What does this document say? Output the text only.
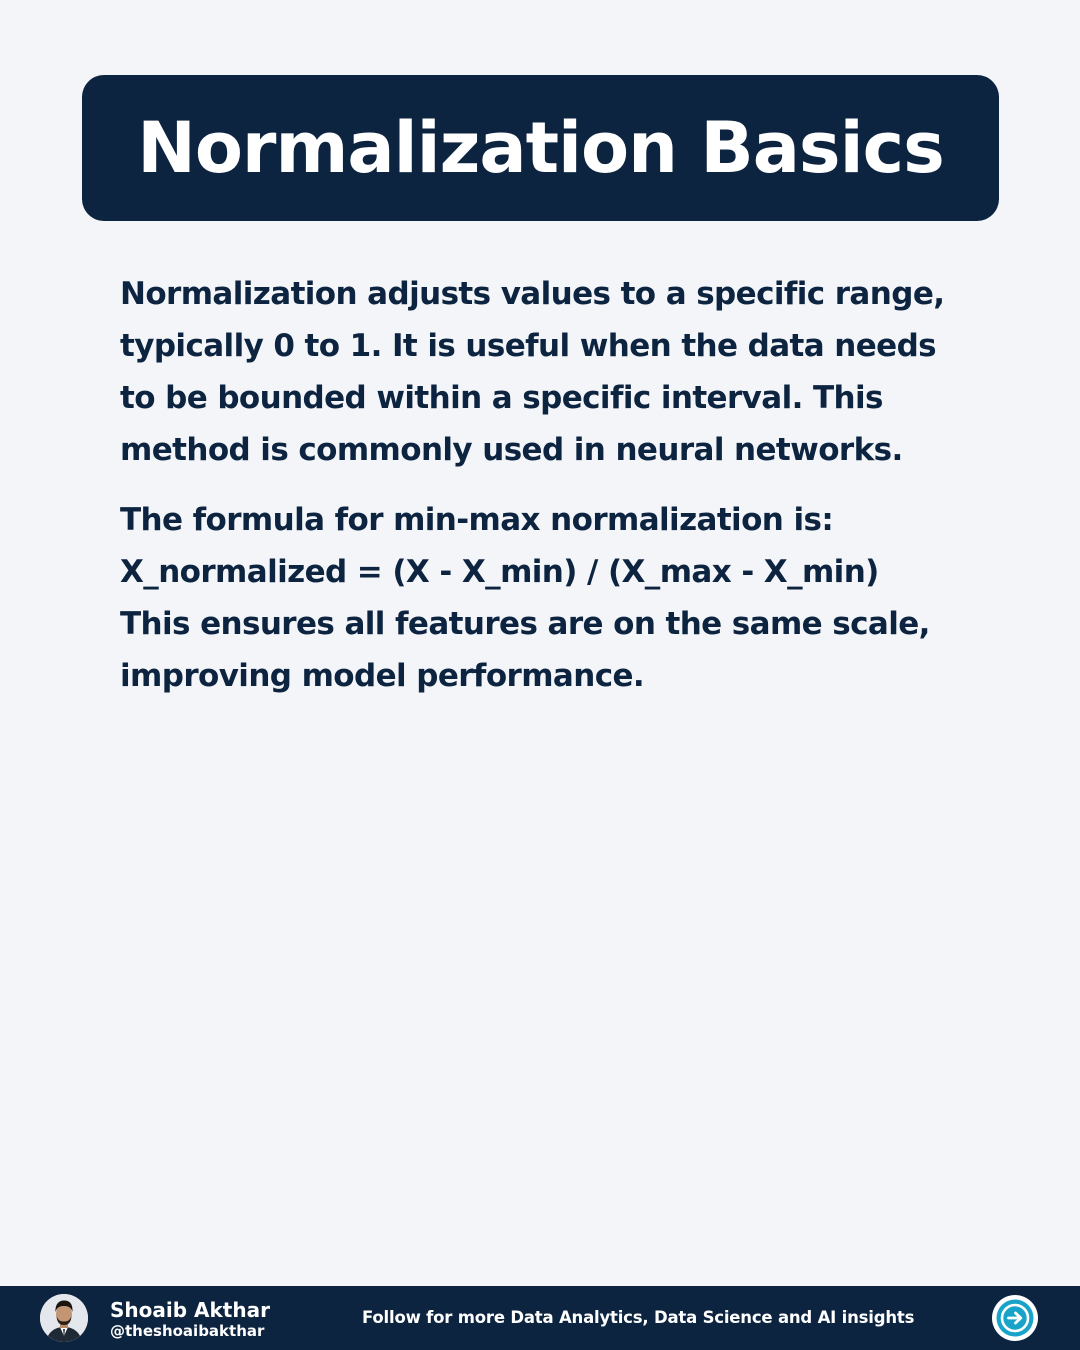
Normalization Basics

Normalization adjusts values to a specific range,
typically 0 to 1. It is useful when the data needs
to be bounded within a specific interval. This
method is commonly used in neural networks.

The formula for min-max normalization is:
X_normalized = (X - X_min) / (X_max - X_min)
This ensures all features are on the same scale,
improving model performance.

Shoaib Akthar
@theshoaibakthar
Follow for more Data Analytics, Data Science and AI insights
